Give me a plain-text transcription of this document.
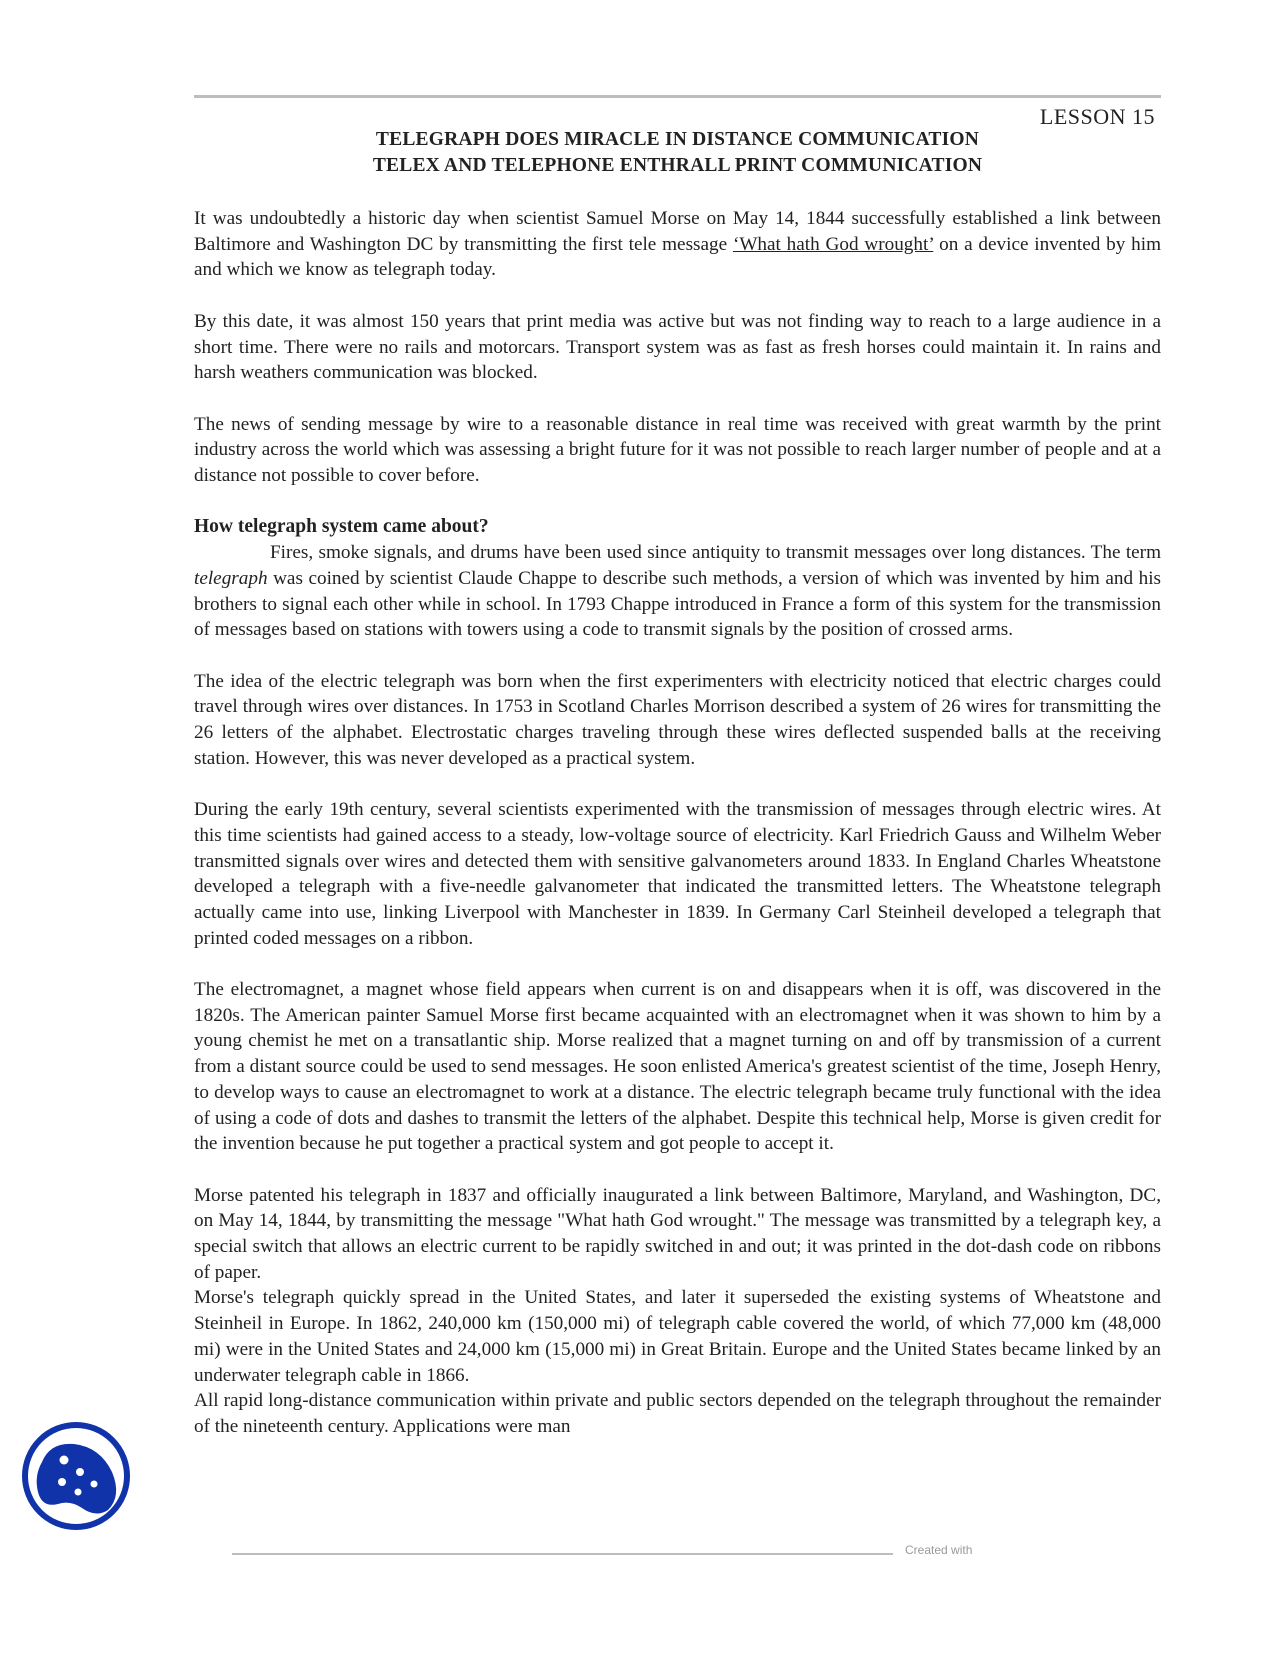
LESSON 15
TELEGRAPH DOES MIRACLE IN DISTANCE COMMUNICATION
TELEX AND TELEPHONE ENTHRALL PRINT COMMUNICATION

It was undoubtedly a historic day when scientist Samuel Morse on May 14, 1844 successfully established a link between Baltimore and Washington DC by transmitting the first tele message ‘What hath God wrought’ on a device invented by him and which we know as telegraph today.

By this date, it was almost 150 years that print media was active but was not finding way to reach to a large audience in a short time. There were no rails and motorcars. Transport system was as fast as fresh horses could maintain it. In rains and harsh weathers communication was blocked.

The news of sending message by wire to a reasonable distance in real time was received with great warmth by the print industry across the world which was assessing a bright future for it was not possible to reach larger number of people and at a distance not possible to cover before.

How telegraph system came about?

Fires, smoke signals, and drums have been used since antiquity to transmit messages over long distances. The term telegraph was coined by scientist Claude Chappe to describe such methods, a version of which was invented by him and his brothers to signal each other while in school. In 1793 Chappe introduced in France a form of this system for the transmission of messages based on stations with towers using a code to transmit signals by the position of crossed arms.

The idea of the electric telegraph was born when the first experimenters with electricity noticed that electric charges could travel through wires over distances. In 1753 in Scotland Charles Morrison described a system of 26 wires for transmitting the 26 letters of the alphabet. Electrostatic charges traveling through these wires deflected suspended balls at the receiving station. However, this was never developed as a practical system.

During the early 19th century, several scientists experimented with the transmission of messages through electric wires. At this time scientists had gained access to a steady, low-voltage source of electricity. Karl Friedrich Gauss and Wilhelm Weber transmitted signals over wires and detected them with sensitive galvanometers around 1833. In England Charles Wheatstone developed a telegraph with a five-needle galvanometer that indicated the transmitted letters. The Wheatstone telegraph actually came into use, linking Liverpool with Manchester in 1839. In Germany Carl Steinheil developed a telegraph that printed coded messages on a ribbon.

The electromagnet, a magnet whose field appears when current is on and disappears when it is off, was discovered in the 1820s. The American painter Samuel Morse first became acquainted with an electromagnet when it was shown to him by a young chemist he met on a transatlantic ship. Morse realized that a magnet turning on and off by transmission of a current from a distant source could be used to send messages. He soon enlisted America's greatest scientist of the time, Joseph Henry, to develop ways to cause an electromagnet to work at a distance. The electric telegraph became truly functional with the idea of using a code of dots and dashes to transmit the letters of the alphabet. Despite this technical help, Morse is given credit for the invention because he put together a practical system and got people to accept it.

Morse patented his telegraph in 1837 and officially inaugurated a link between Baltimore, Maryland, and Washington, DC, on May 14, 1844, by transmitting the message "What hath God wrought." The message was transmitted by a telegraph key, a special switch that allows an electric current to be rapidly switched in and out; it was printed in the dot-dash code on ribbons of paper.

Morse's telegraph quickly spread in the United States, and later it superseded the existing systems of Wheatstone and Steinheil in Europe. In 1862, 240,000 km (150,000 mi) of telegraph cable covered the world, of which 77,000 km (48,000 mi) were in the United States and 24,000 km (15,000 mi) in Great Britain. Europe and the United States became linked by an underwater telegraph cable in 1866.

All rapid long-distance communication within private and public sectors depended on the telegraph throughout the remainder of the nineteenth century. Applications were man

Created with
